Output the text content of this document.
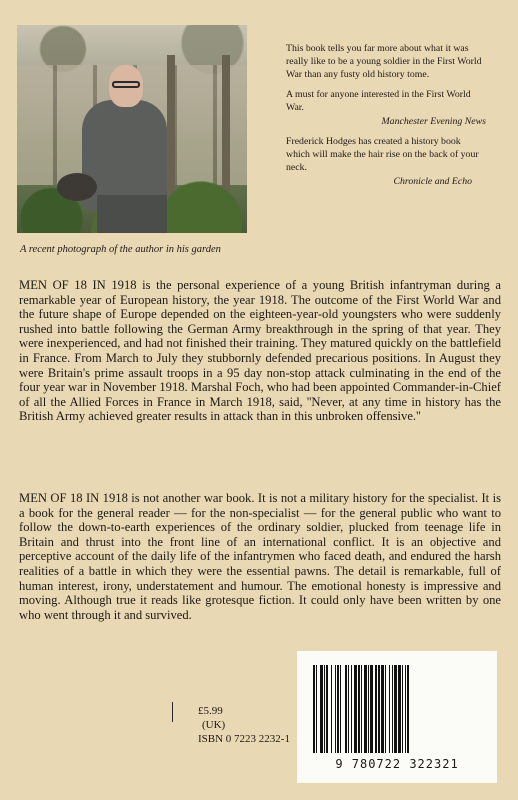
A recent photograph of the author in his garden

This book tells you far more about what it was really like to be a young soldier in the First World War than any fusty old history tome.

A must for anyone interested in the First World War.

Manchester Evening News

Frederick Hodges has created a history book which will make the hair rise on the back of your neck.

Chronicle and Echo

MEN OF 18 IN 1918 is the personal experience of a young British infantryman during a remarkable year of European history, the year 1918. The outcome of the First World War and the future shape of Europe depended on the eighteen-year-old youngsters who were suddenly rushed into battle following the German Army breakthrough in the spring of that year. They were inexperienced, and had not finished their training. They matured quickly on the battlefield in France. From March to July they stubbornly defended precarious positions. In August they were Britain's prime assault troops in a 95 day non-stop attack culminating in the end of the four year war in November 1918. Marshal Foch, who had been appointed Commander-in-Chief of all the Allied Forces in France in March 1918, said, ''Never, at any time in history has the British Army achieved greater results in attack than in this unbroken offensive.''

MEN OF 18 IN 1918 is not another war book. It is not a military history for the specialist. It is a book for the general reader — for the non-specialist — for the general public who want to follow the down-to-earth experiences of the ordinary soldier, plucked from teenage life in Britain and thrust into the front line of an international conflict. It is an objective and perceptive account of the daily life of the infantrymen who faced death, and endured the harsh realities of a battle in which they were the essential pawns. The detail is remarkable, full of human interest, irony, understatement and humour. The emotional honesty is impressive and moving. Although true it reads like grotesque fiction. It could only have been written by one who went through it and survived.

£5.99
(UK)
ISBN 0 7223 2232-1
9 780722 322321
